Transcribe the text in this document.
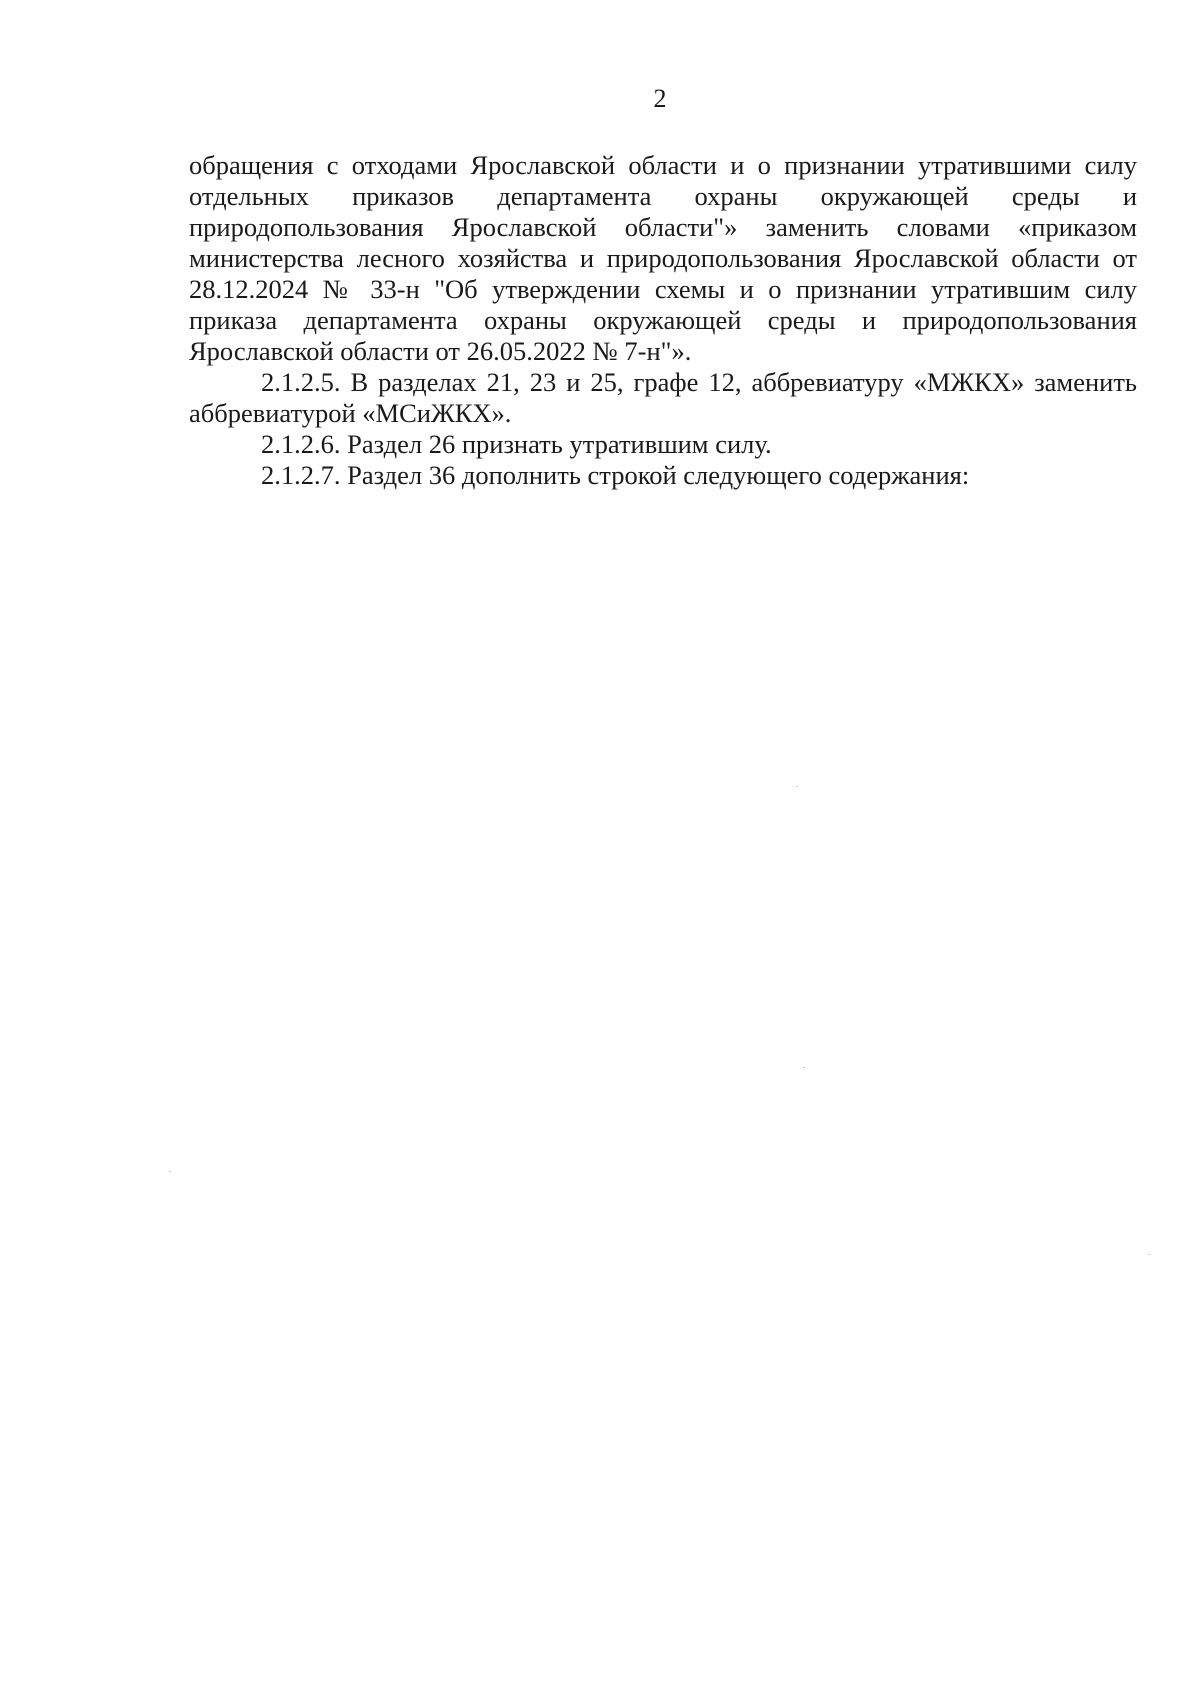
2

обращения с отходами Ярославской области и о признании утратившими силу отдельных приказов департамента охраны окружающей среды и природопользования Ярославской области"» заменить словами «приказом министерства лесного хозяйства и природопользования Ярославской области от 28.12.2024 № 33-н "Об утверждении схемы и о признании утратившим силу приказа департамента охраны окружающей среды и природопользования Ярославской области от 26.05.2022 № 7-н"».

2.1.2.5. В разделах 21, 23 и 25, графе 12, аббревиатуру «МЖКХ» заменить аббревиатурой «МСиЖКХ».

2.1.2.6. Раздел 26 признать утратившим силу.

2.1.2.7. Раздел 36 дополнить строкой следующего содержания:
